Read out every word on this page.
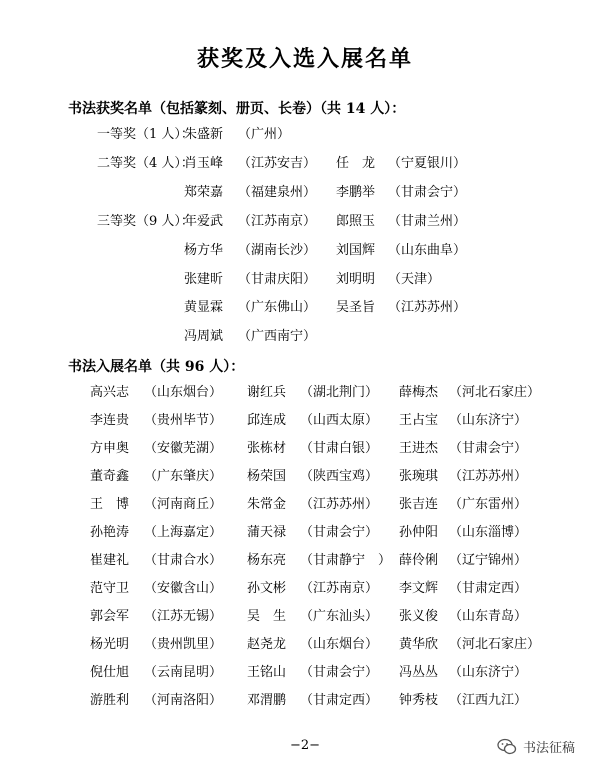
获奖及入选入展名单
书法获奖名单（包括篆刻、册页、长卷）（共 14 人）：
一等奖（1 人）：
朱盛新 （广州）
二等奖（4 人）：
肖玉峰 （江苏安吉） 任　龙 （宁夏银川）
郑荣嘉 （福建泉州） 李鹏举 （甘肃会宁）
三等奖（9 人）：
年爱武 （江苏南京） 郎照玉 （甘肃兰州）
杨方华 （湖南长沙） 刘国辉 （山东曲阜）
张建昕 （甘肃庆阳） 刘明明 （天津）
黄显霖 （广东佛山） 吴圣旨 （江苏苏州）
冯周斌 （广西南宁）
书法入展名单（共 96 人）：
高兴志 （山东烟台） 谢红兵 （湖北荆门） 薛梅杰 （河北石家庄）
李连贵 （贵州毕节） 邱连成 （山西太原） 王占宝 （山东济宁）
方申奥 （安徽芜湖） 张栋材 （甘肃白银） 王进杰 （甘肃会宁）
董奇鑫 （广东肇庆） 杨荣国 （陕西宝鸡） 张琬琪 （江苏苏州）
王　博 （河南商丘） 朱常金 （江苏苏州） 张吉连 （广东雷州）
孙艳涛 （上海嘉定） 蒲天禄 （甘肃会宁） 孙仲阳 （山东淄博）
崔建礼 （甘肃合水） 杨东亮 （甘肃静宁　） 薛伶俐 （辽宁锦州）
范守卫 （安徽含山） 孙文彬 （江苏南京） 李文辉 （甘肃定西）
郭会军 （江苏无锡） 吴　生 （广东汕头） 张义俊 （山东青岛）
杨光明 （贵州凯里） 赵尧龙 （山东烟台） 黄华欣 （河北石家庄）
倪仕旭 （云南昆明） 王铭山 （甘肃会宁） 冯丛丛 （山东济宁）
游胜利 （河南洛阳） 邓渭鹏 （甘肃定西） 钟秀枝 （江西九江）
−2−	书法征稿
